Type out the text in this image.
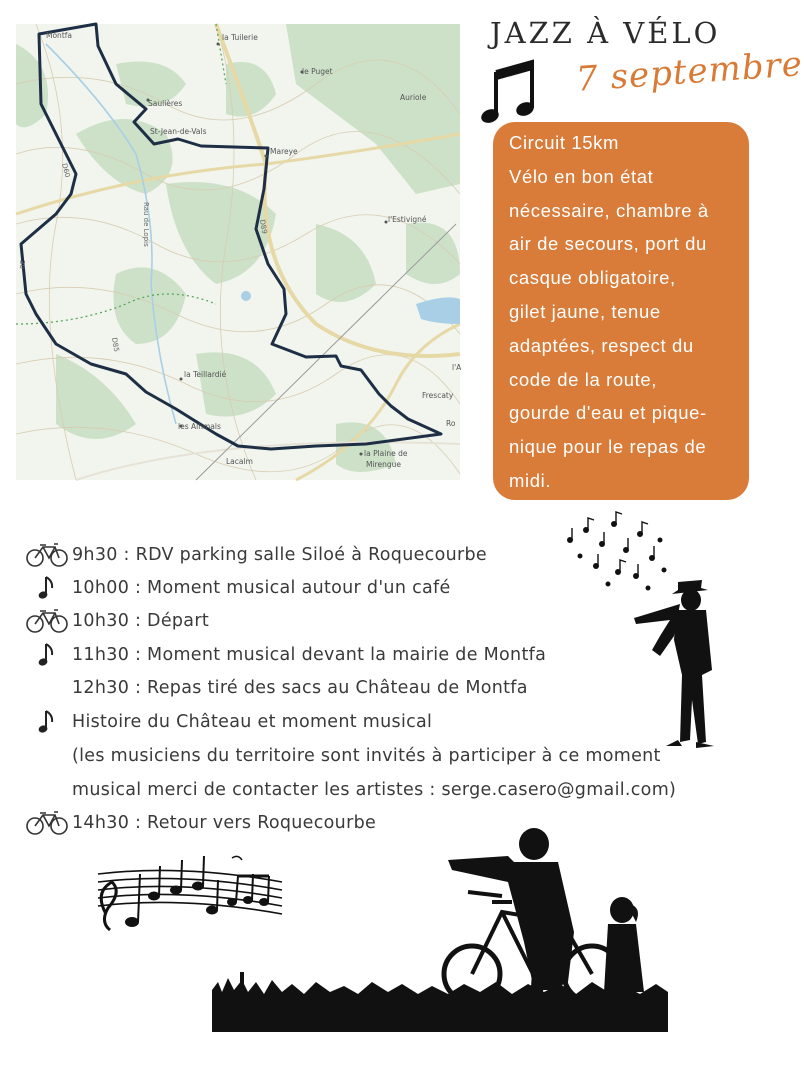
Montfa	la Tuilerie
le Puget
Auriole
Saulières
St-Jean-de-Vals
Mareye
l'Estivigné
la Teillardié
les Alhmals
Frescaty
Lacalm
la Plaine de
Mirengue
Ro
l'A
D89
D60
30
Rau de Lopis
D85
JAZZ À VÉLO
7 septembre

Circuit 15km

Vélo en bon état

nécessaire, chambre à

air de secours, port du

casque obligatoire,

gilet jaune, tenue

adaptées, respect du

code de la route,

gourde d'eau et pique-

nique pour le repas de

midi.

9h30 : RDV parking salle Siloé à Roquecourbe
10h00 : Moment musical autour d'un café
10h30 : Départ
11h30 : Moment musical devant la mairie de Montfa
12h30 : Repas tiré des sacs au Château de Montfa
Histoire du Château et moment musical
(les musiciens du territoire sont invités à participer à ce moment
musical merci de contacter les artistes : serge.casero@gmail.com)
14h30 : Retour vers Roquecourbe
